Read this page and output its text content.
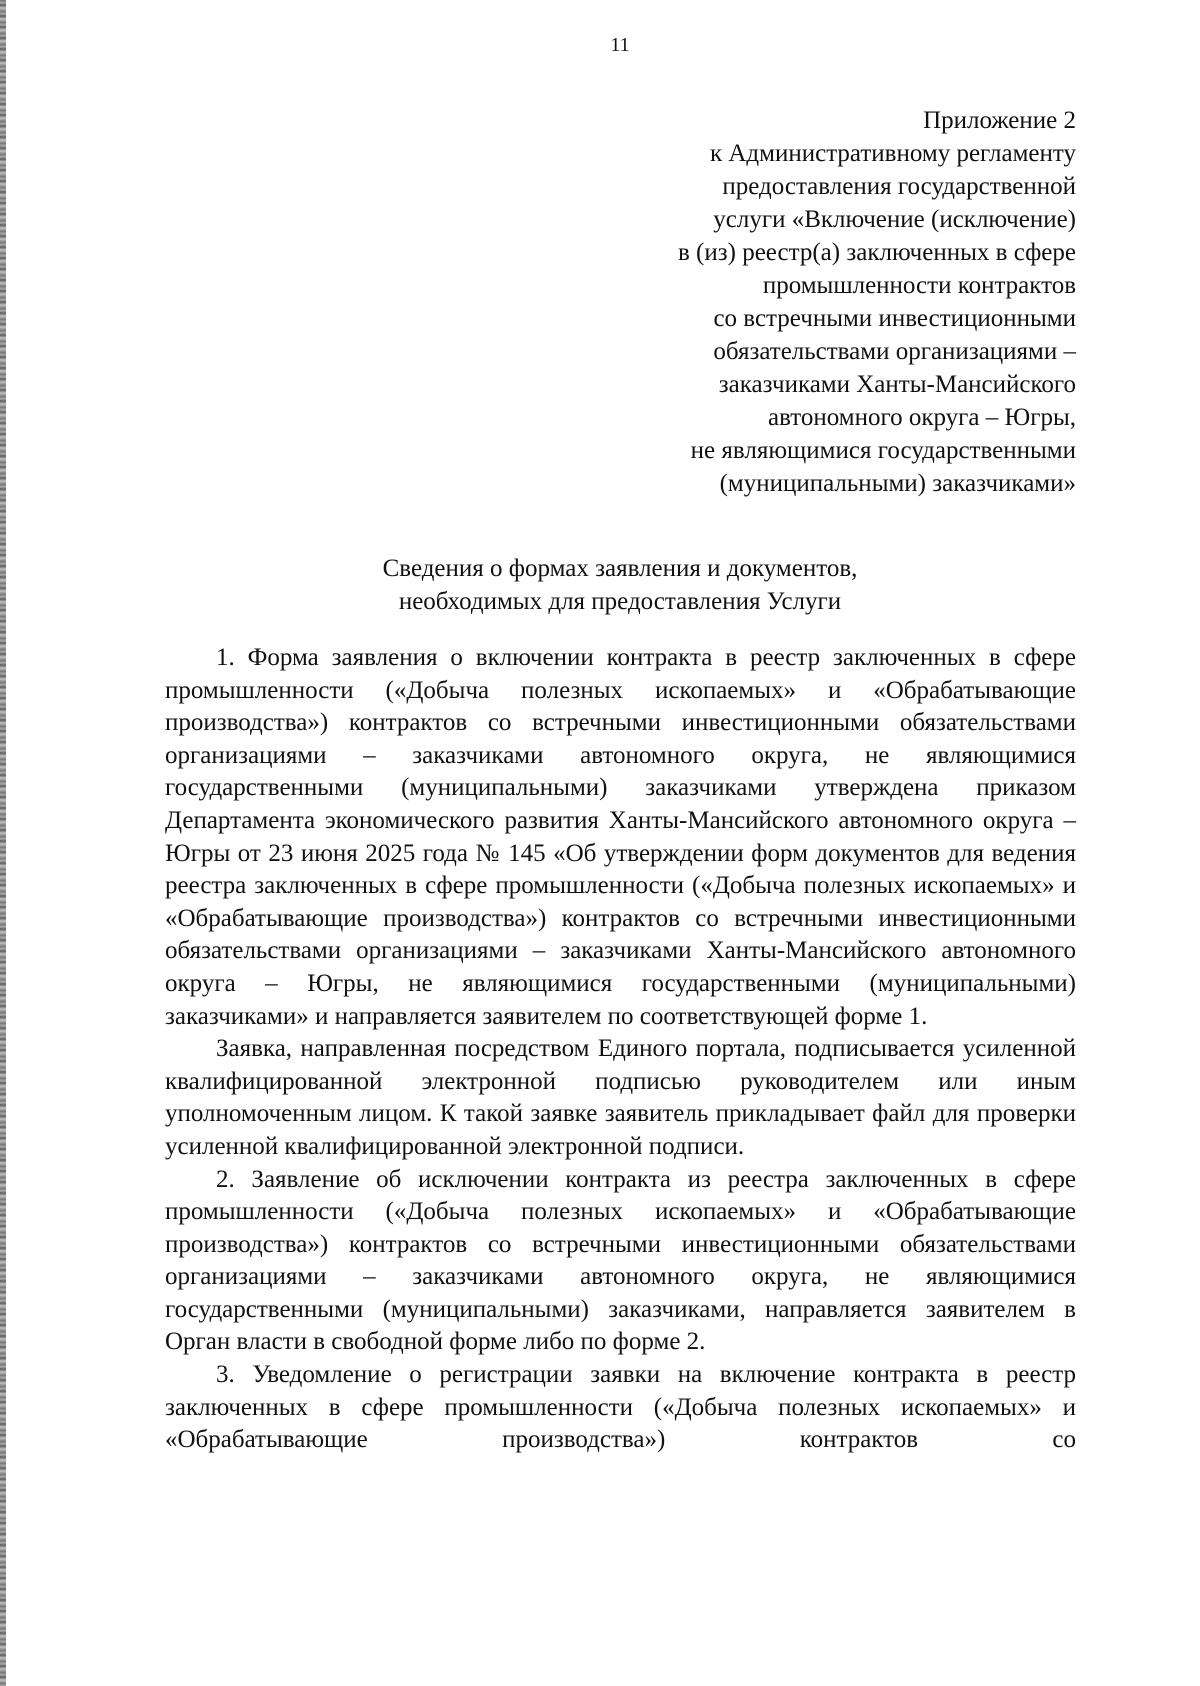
11
Приложение 2
к Административному регламенту
предоставления государственной
услуги «Включение (исключение)
в (из) реестр(а) заключенных в сфере
промышленности контрактов
со встречными инвестиционными
обязательствами организациями –
заказчиками Ханты-Мансийского
автономного округа – Югры,
не являющимися государственными
(муниципальными) заказчиками»
Сведения о формах заявления и документов,
необходимых для предоставления Услуги

1. Форма заявления о включении контракта в реестр заключенных в сфере промышленности («Добыча полезных ископаемых» и «Обрабатывающие производства») контрактов со встречными инвестиционными обязательствами организациями – заказчиками автономного округа, не являющимися государственными (муниципальными) заказчиками утверждена приказом Департамента экономического развития Ханты-Мансийского автономного округа – Югры от 23 июня 2025 года № 145 «Об утверждении форм документов для ведения реестра заключенных в сфере промышленности («Добыча полезных ископаемых» и «Обрабатывающие производства») контрактов со встречными инвестиционными обязательствами организациями – заказчиками Ханты-Мансийского автономного округа – Югры, не являющимися государственными (муниципальными) заказчиками» и направляется заявителем по соответствующей форме 1.

Заявка, направленная посредством Единого портала, подписывается усиленной квалифицированной электронной подписью руководителем или иным уполномоченным лицом. К такой заявке заявитель прикладывает файл для проверки усиленной квалифицированной электронной подписи.

2. Заявление об исключении контракта из реестра заключенных в сфере промышленности («Добыча полезных ископаемых» и «Обрабатывающие производства») контрактов со встречными инвестиционными обязательствами организациями – заказчиками автономного округа, не являющимися государственными (муниципальными) заказчиками, направляется заявителем в Орган власти в свободной форме либо по форме 2.

3. Уведомление о регистрации заявки на включение контракта в реестр заключенных в сфере промышленности («Добыча полезных ископаемых» и «Обрабатывающие производства») контрактов со
